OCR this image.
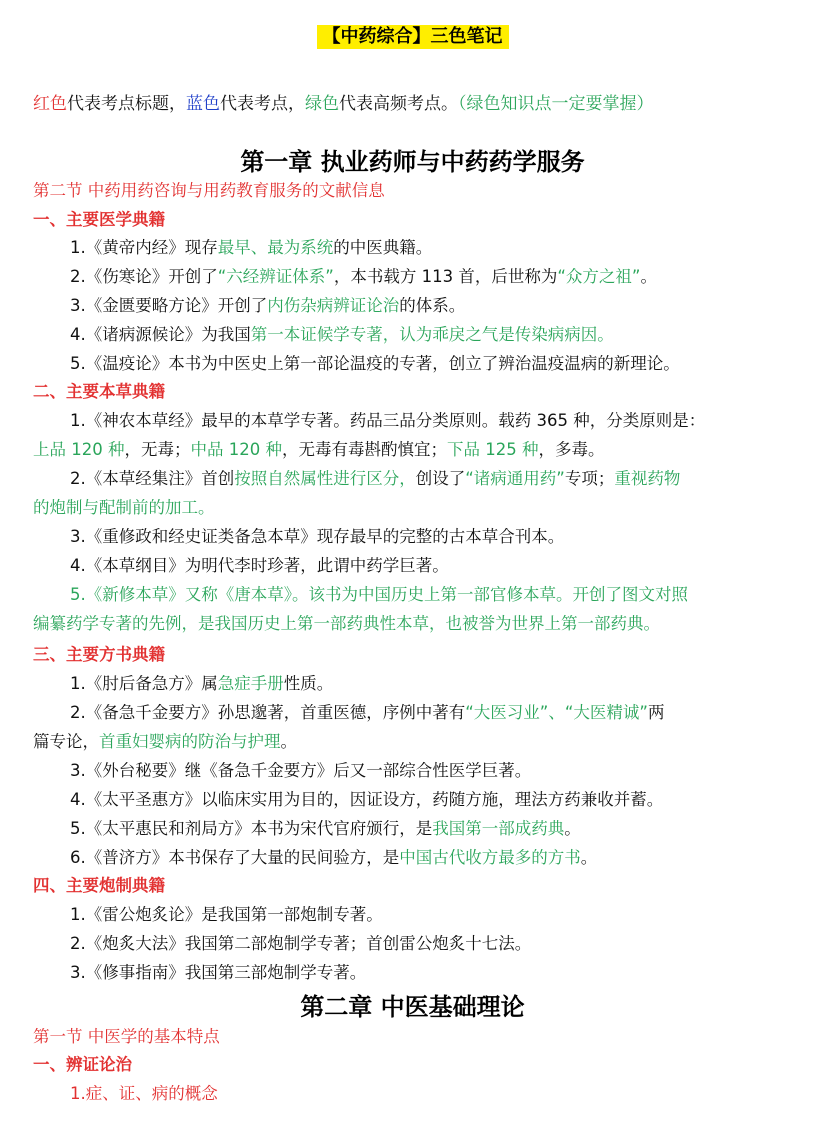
【中药综合】三色笔记
红色代表考点标题，蓝色代表考点，绿色代表高频考点。（绿色知识点一定要掌握）
第一章 执业药师与中药药学服务
第二节 中药用药咨询与用药教育服务的文献信息
一、主要医学典籍
1.《黄帝内经》现存最早、最为系统的中医典籍。
2.《伤寒论》开创了“六经辨证体系”，本书载方 113 首，后世称为“众方之祖”。
3.《金匮要略方论》开创了内伤杂病辨证论治的体系。
4.《诸病源候论》为我国第一本证候学专著，认为乖戾之气是传染病病因。
5.《温疫论》本书为中医史上第一部论温疫的专著，创立了辨治温疫温病的新理论。
二、主要本草典籍
1.《神农本草经》最早的本草学专著。药品三品分类原则。载药 365 种，分类原则是：
上品 120 种，无毒；中品 120 种，无毒有毒斟酌慎宜；下品 125 种，多毒。
2.《本草经集注》首创按照自然属性进行区分，创设了“诸病通用药”专项；重视药物
的炮制与配制前的加工。
3.《重修政和经史证类备急本草》现存最早的完整的古本草合刊本。
4.《本草纲目》为明代李时珍著，此谓中药学巨著。
5.《新修本草》又称《唐本草》。该书为中国历史上第一部官修本草。开创了图文对照
编纂药学专著的先例，是我国历史上第一部药典性本草，也被誉为世界上第一部药典。
三、主要方书典籍
1.《肘后备急方》属急症手册性质。
2.《备急千金要方》孙思邈著，首重医德，序例中著有“大医习业”、“大医精诚”两
篇专论，首重妇婴病的防治与护理。
3.《外台秘要》继《备急千金要方》后又一部综合性医学巨著。
4.《太平圣惠方》以临床实用为目的，因证设方，药随方施，理法方药兼收并蓄。
5.《太平惠民和剂局方》本书为宋代官府颁行，是我国第一部成药典。
6.《普济方》本书保存了大量的民间验方，是中国古代收方最多的方书。
四、主要炮制典籍
1.《雷公炮炙论》是我国第一部炮制专著。
2.《炮炙大法》我国第二部炮制学专著；首创雷公炮炙十七法。
3.《修事指南》我国第三部炮制学专著。
第二章 中医基础理论
第一节 中医学的基本特点
一、辨证论治
1.症、证、病的概念
